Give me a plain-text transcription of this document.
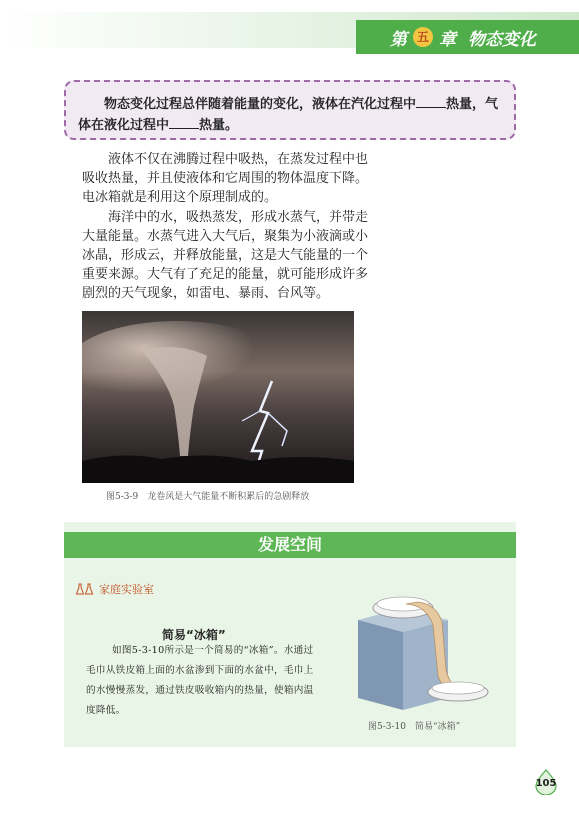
第 五 章 物态变化

物态变化过程总伴随着能量的变化，液体在汽化过程中 热量，气体在液化过程中 热量。

液体不仅在沸腾过程中吸热，在蒸发过程中也吸收热量，并且使液体和它周围的物体温度下降。电冰箱就是利用这个原理制成的。

海洋中的水，吸热蒸发，形成水蒸气，并带走大量能量。水蒸气进入大气后，聚集为小液滴或小冰晶，形成云，并释放能量，这是大气能量的一个重要来源。大气有了充足的能量，就可能形成许多剧烈的天气现象，如雷电、暴雨、台风等。

图5-3-9　龙卷风是大气能量不断积累后的急剧释放
发展空间
家庭实验室
简易“冰箱”
如图5-3-10所示是一个简易的“冰箱”。水通过毛巾从铁皮箱上面的水盆渗到下面的水盆中，毛巾上的水慢慢蒸发，通过铁皮吸收箱内的热量，使箱内温度降低。
图5-3-10　简易“冰箱”
105
